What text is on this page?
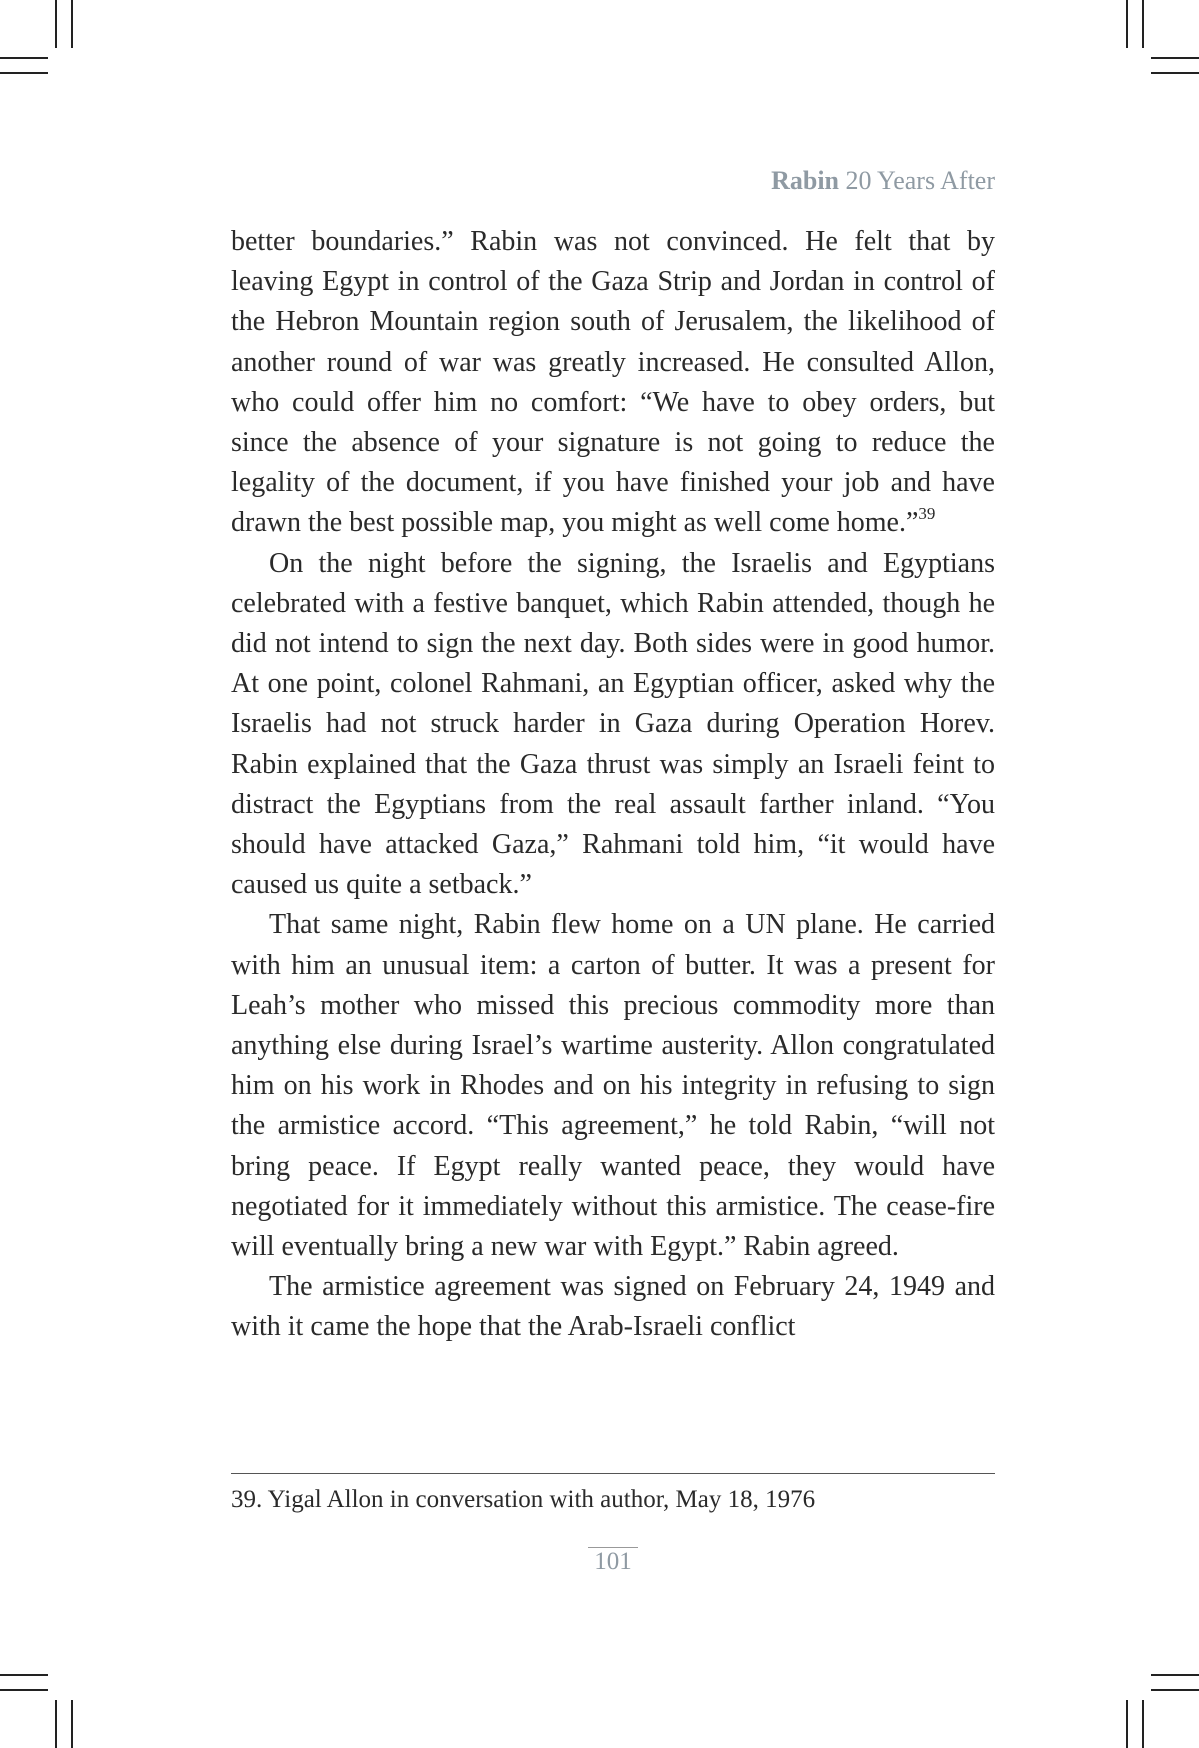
Rabin 20 Years After

better boundaries.” Rabin was not convinced. He felt that by leaving Egypt in control of the Gaza Strip and Jordan in control of the Hebron Mountain region south of Jerusalem, the likelihood of another round of war was greatly increased. He consulted Allon, who could offer him no comfort: “We have to obey orders, but since the absence of your signature is not going to reduce the legality of the document, if you have finished your job and have drawn the best possible map, you might as well come home.”$^{39}$

On the night before the signing, the Israelis and Egyptians celebrated with a festive banquet, which Rabin attended, though he did not intend to sign the next day. Both sides were in good humor. At one point, colonel Rahmani, an Egyptian officer, asked why the Israelis had not struck harder in Gaza during Operation Horev. Rabin explained that the Gaza thrust was simply an Israeli feint to distract the Egyptians from the real assault farther inland. “You should have attacked Gaza,” Rahmani told him, “it would have caused us quite a setback.”

That same night, Rabin flew home on a UN plane. He carried with him an unusual item: a carton of butter. It was a present for Leah’s mother who missed this precious commodity more than anything else during Israel’s wartime austerity. Allon congratulated him on his work in Rhodes and on his integrity in refusing to sign the armistice accord. “This agreement,” he told Rabin, “will not bring peace. If Egypt really wanted peace, they would have negotiated for it immediately without this armistice. The cease-fire will eventually bring a new war with Egypt.” Rabin agreed.

The armistice agreement was signed on February 24, 1949 and with it came the hope that the Arab-Israeli conflict

39. Yigal Allon in conversation with author, May 18, 1976
101
